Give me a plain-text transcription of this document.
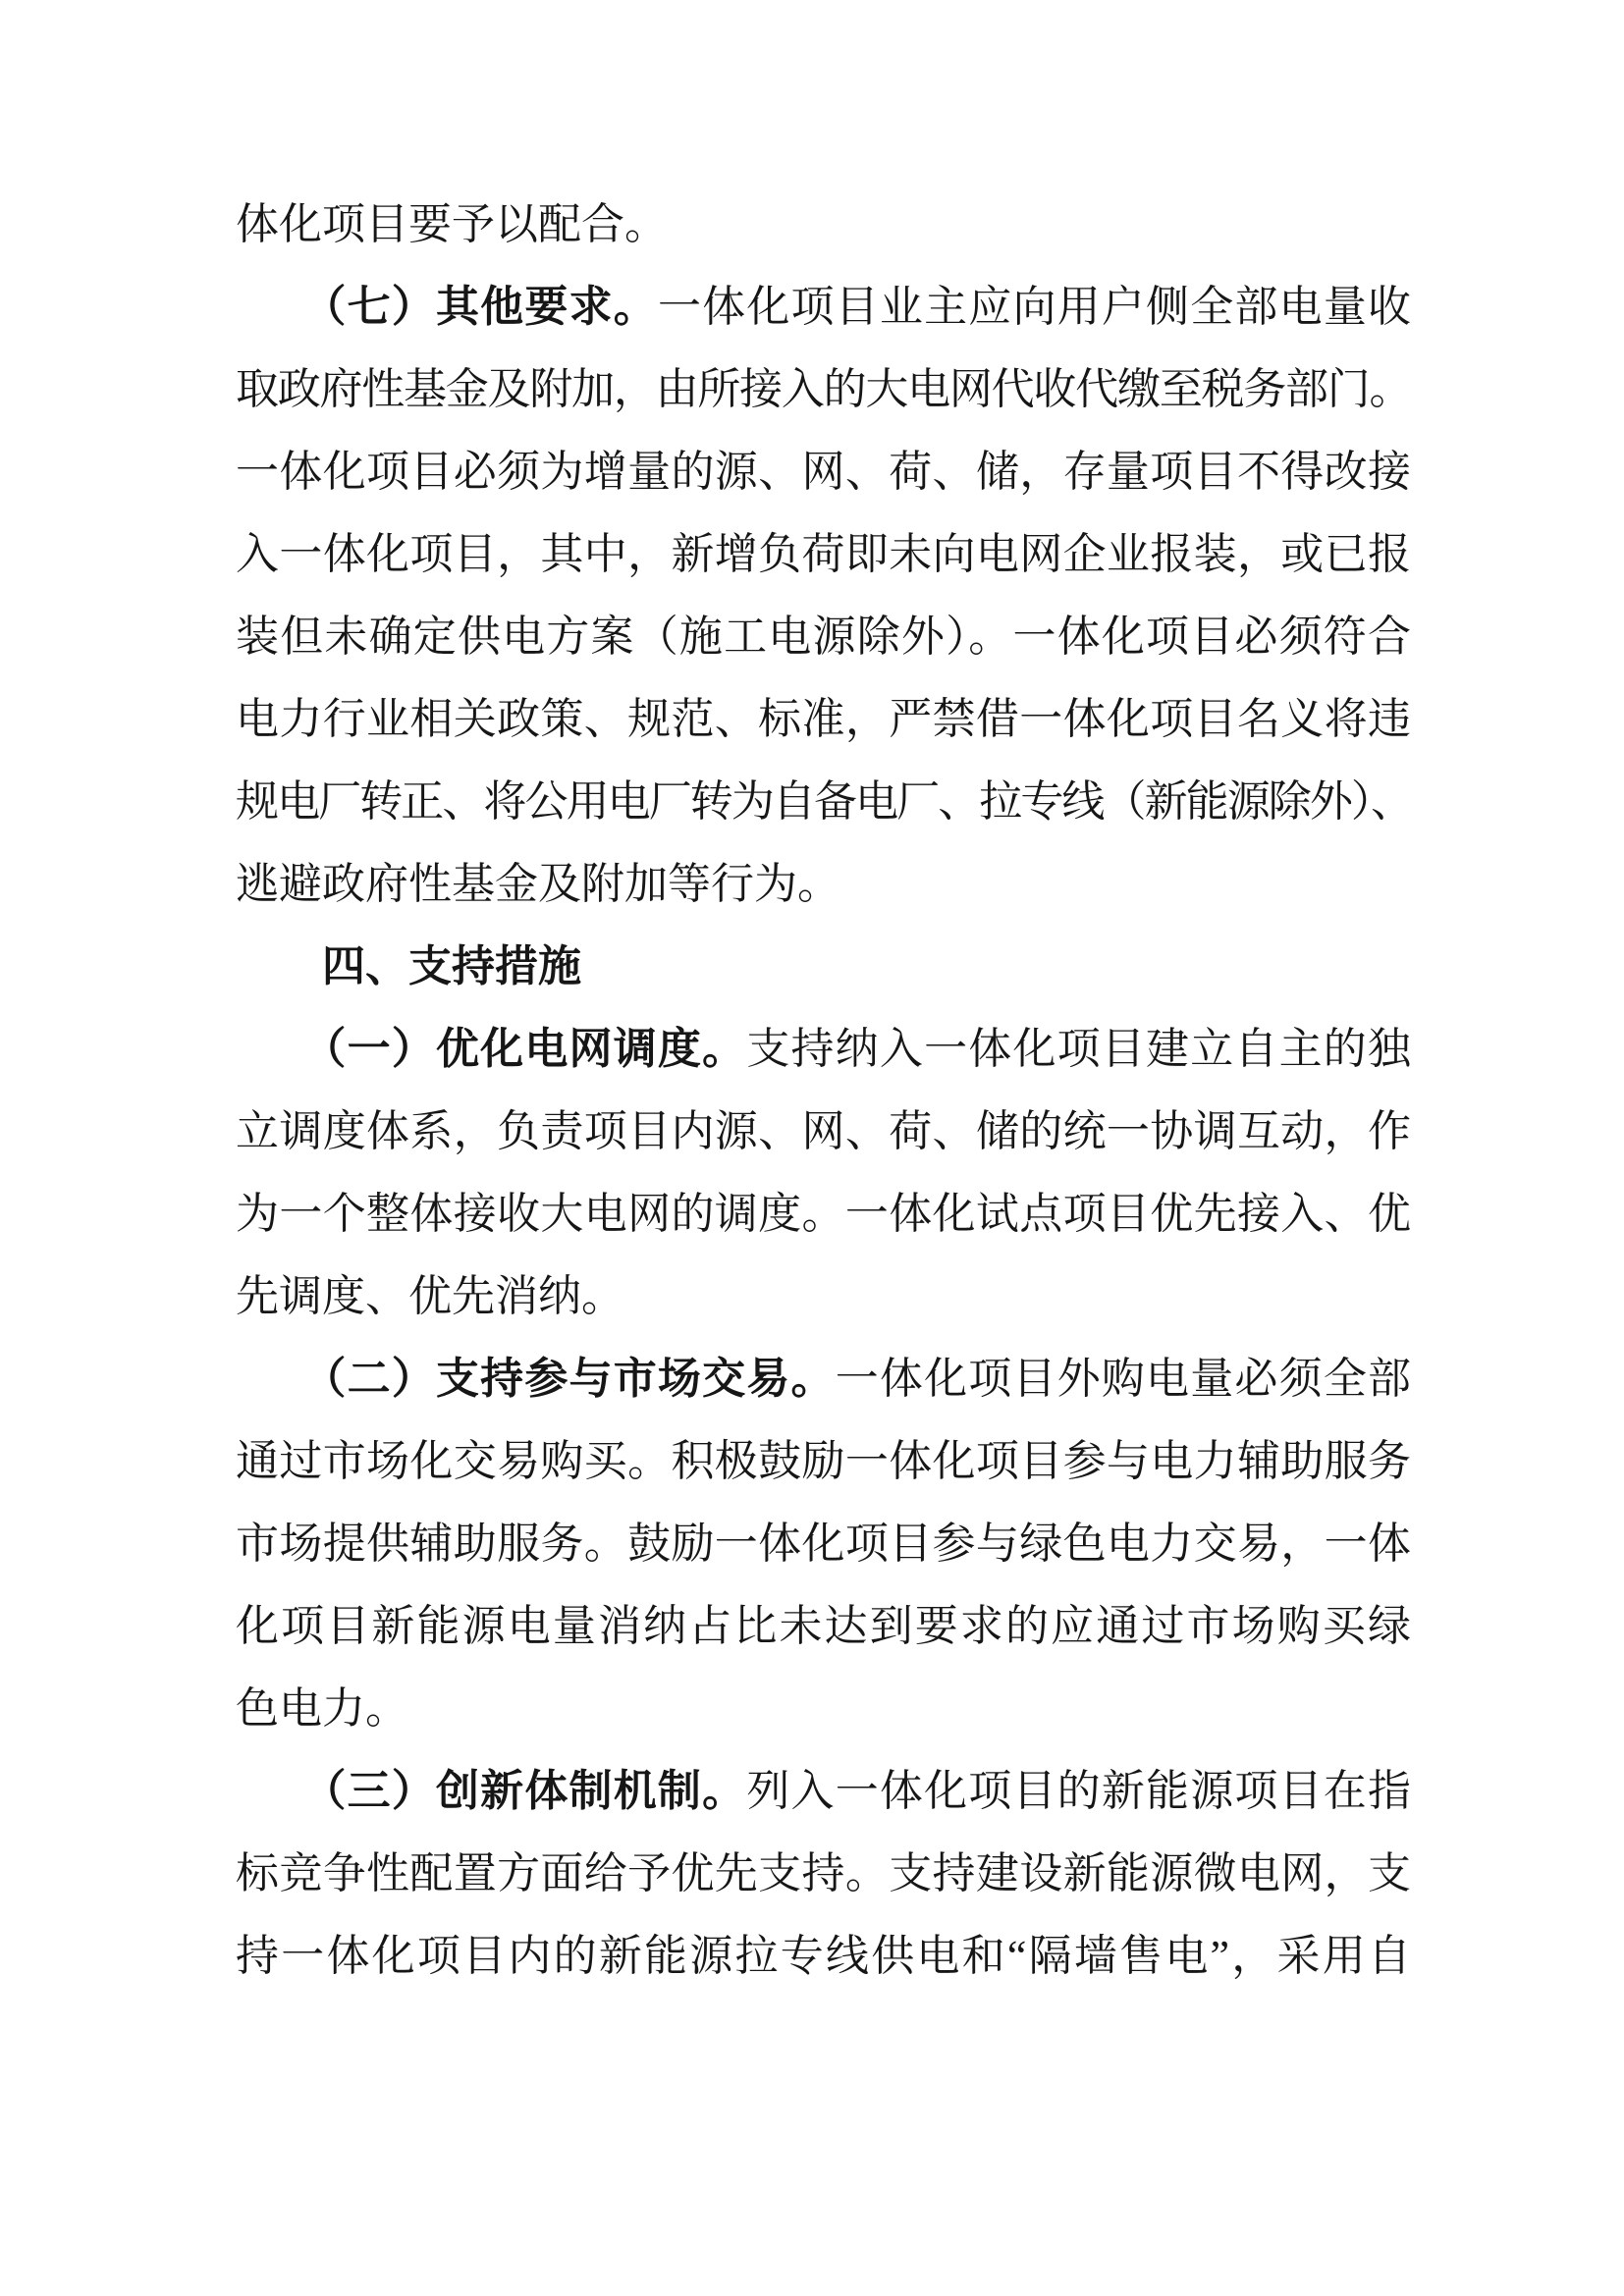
体化项目要予以配合。
　　（七）其他要求。一体化项目业主应向用户侧全部电量收
取政府性基金及附加，由所接入的大电网代收代缴至税务部门。
一体化项目必须为增量的源、网、荷、储，存量项目不得改接
入一体化项目，其中，新增负荷即未向电网企业报装，或已报
装但未确定供电方案（施工电源除外）。一体化项目必须符合
电力行业相关政策、规范、标准，严禁借一体化项目名义将违
规电厂转正、将公用电厂转为自备电厂、拉专线（新能源除外）、
逃避政府性基金及附加等行为。
　　四、支持措施
　　（一）优化电网调度。支持纳入一体化项目建立自主的独
立调度体系，负责项目内源、网、荷、储的统一协调互动，作
为一个整体接收大电网的调度。一体化试点项目优先接入、优
先调度、优先消纳。
　　（二）支持参与市场交易。一体化项目外购电量必须全部
通过市场化交易购买。积极鼓励一体化项目参与电力辅助服务
市场提供辅助服务。鼓励一体化项目参与绿色电力交易，一体
化项目新能源电量消纳占比未达到要求的应通过市场购买绿
色电力。
　　（三）创新体制机制。列入一体化项目的新能源项目在指
标竞争性配置方面给予优先支持。支持建设新能源微电网，支
持一体化项目内的新能源拉专线供电和“隔墙售电”，采用自
